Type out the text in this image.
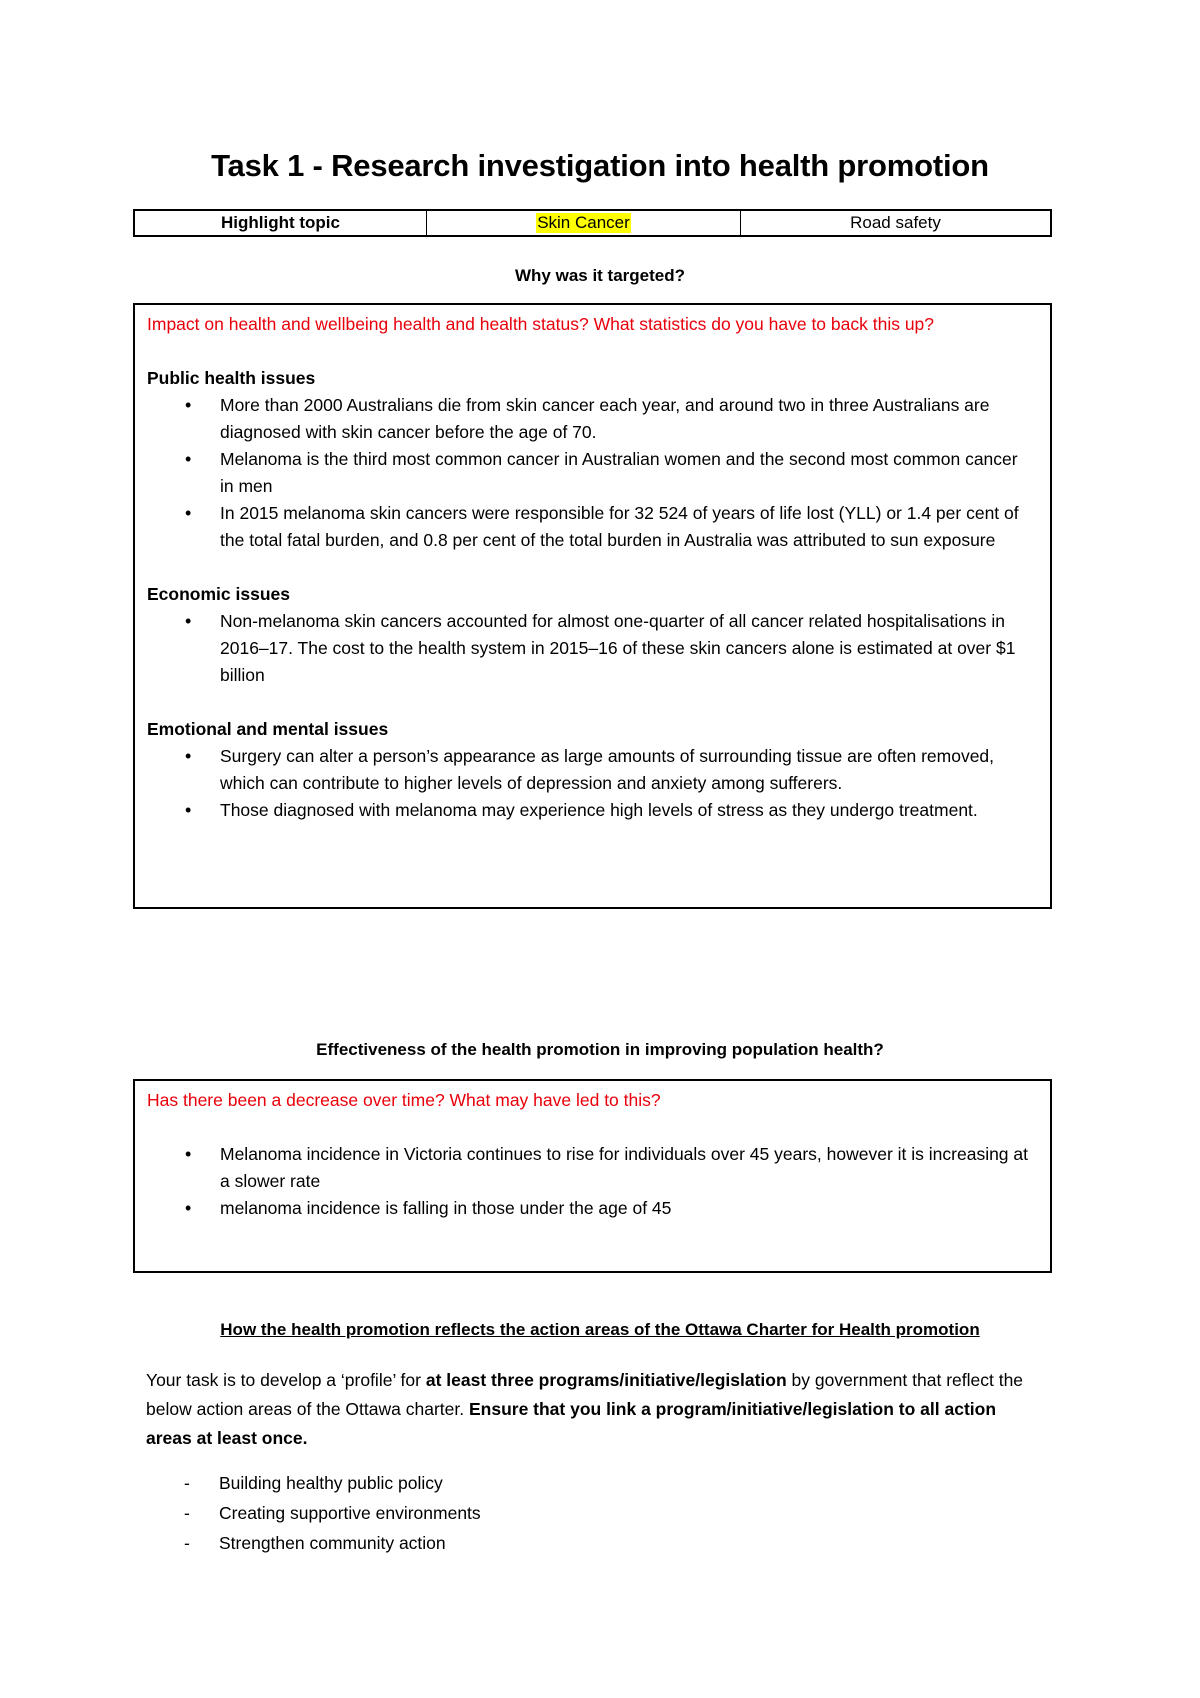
Task 1 - Research investigation into health promotion
Highlight topic	Skin Cancer	Road safety
Why was it targeted?
Impact on health and wellbeing health and health status? What statistics do you have to back this up?
Public health issues
• More than 2000 Australians die from skin cancer each year, and around two in three Australians are diagnosed with skin cancer before the age of 70.
• Melanoma is the third most common cancer in Australian women and the second most common cancer in men
• In 2015 melanoma skin cancers were responsible for 32 524 of years of life lost (YLL) or 1.4 per cent of the total fatal burden, and 0.8 per cent of the total burden in Australia was attributed to sun exposure
Economic issues
• Non-melanoma skin cancers accounted for almost one-quarter of all cancer related hospitalisations in 2016–17. The cost to the health system in 2015–16 of these skin cancers alone is estimated at over $1 billion
Emotional and mental issues
• Surgery can alter a person’s appearance as large amounts of surrounding tissue are often removed, which can contribute to higher levels of depression and anxiety among sufferers.
• Those diagnosed with melanoma may experience high levels of stress as they undergo treatment.
Effectiveness of the health promotion in improving population health?
Has there been a decrease over time? What may have led to this?
• Melanoma incidence in Victoria continues to rise for individuals over 45 years, however it is increasing at a slower rate
• melanoma incidence is falling in those under the age of 45
How the health promotion reflects the action areas of the Ottawa Charter for Health promotion
Your task is to develop a ‘profile’ for at least three programs/initiative/legislation by government that reflect the below action areas of the Ottawa charter. Ensure that you link a program/initiative/legislation to all action areas at least once.
- Building healthy public policy
- Creating supportive environments
- Strengthen community action
